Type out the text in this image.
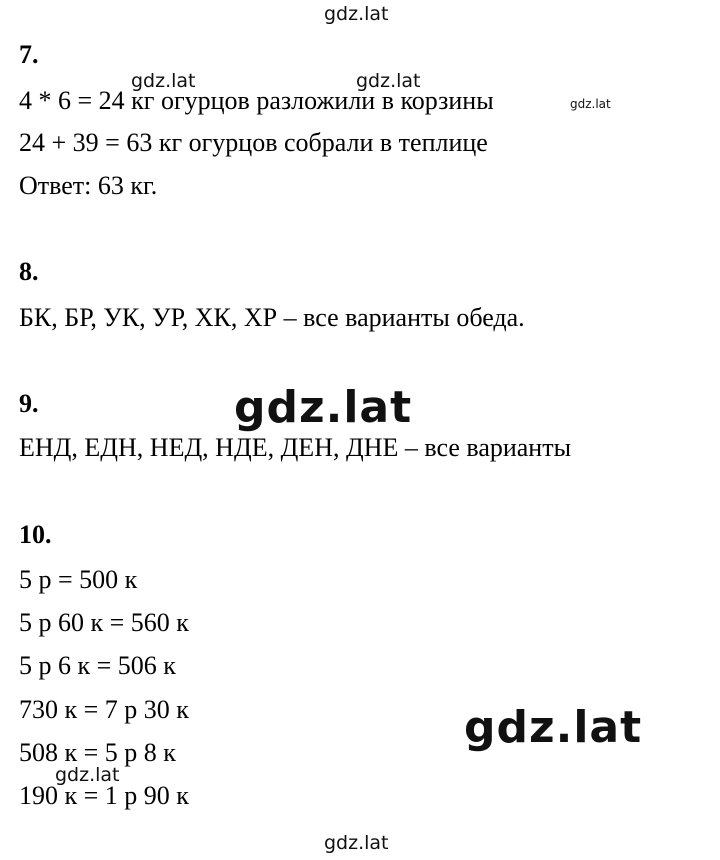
7.
4 * 6 = 24 кг огурцов разложили в корзины
24 + 39 = 63 кг огурцов собрали в теплице
Ответ: 63 кг.
8.
БК, БР, УК, УР, ХК, ХР – все варианты обеда.
9.
ЕНД, ЕДН, НЕД, НДЕ, ДЕН, ДНЕ – все варианты
10.
5 р = 500 к
5 р 60 к = 560 к
5 р 6 к = 506 к
730 к = 7 р 30 к
508 к = 5 р 8 к
190 к = 1 р 90 к
gdz.lat
gdz.lat	gdz.lat
gdz.lat
gdz.lat
gdz.lat
gdz.lat
gdz.lat
